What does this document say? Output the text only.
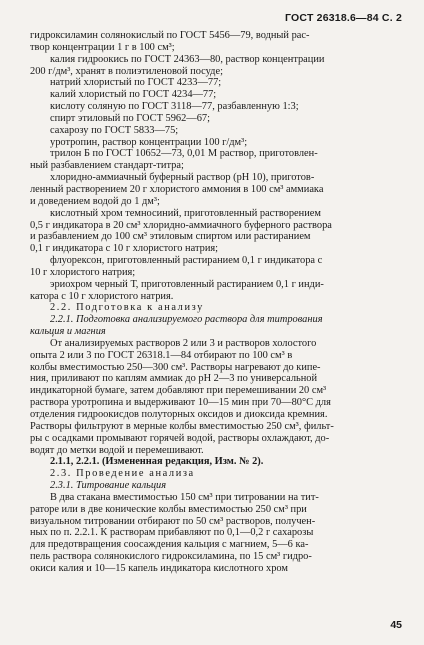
ГОСТ 26318.6—84 С. 2
гидроксиламин солянокислый по ГОСТ 5456—79, водный рас-
твор концентрации 1 г в 100 см³;
калия гидроокись по ГОСТ 24363—80, раствор концентрации
200 г/дм³, хранят в полиэтиленовой посуде;
натрий хлористый по ГОСТ 4233—77;
калий хлористый по ГОСТ 4234—77;
кислоту соляную по ГОСТ 3118—77, разбавленную 1:3;
спирт этиловый по ГОСТ 5962—67;
сахарозу по ГОСТ 5833—75;
уротропин, раствор концентрации 100 г/дм³;
трилон Б по ГОСТ 10652—73, 0,01 М раствор, приготовлен-
ный разбавлением стандарт-титра;
хлоридно-аммиачный буферный раствор (рН 10), приготов-
ленный растворением 20 г хлористого аммония в 100 см³ аммиака
и доведением водой до 1 дм³;
кислотный хром темносиний, приготовленный растворением
0,5 г индикатора в 20 см³ хлоридно-аммиачного буферного раствора
и разбавлением до 100 см³ этиловым спиртом или растиранием
0,1 г индикатора с 10 г хлористого натрия;
флуорексон, приготовленный растиранием 0,1 г индикатора с
10 г хлористого натрия;
эриохром черный Т, приготовленный растиранием 0,1 г инди-
катора с 10 г хлористого натрия.
2.2. Подготовка к анализу
2.2.1. Подготовка анализируемого раствора для титрования
кальция и магния
От анализируемых растворов 2 или 3 и растворов холостого
опыта 2 или 3 по ГОСТ 26318.1—84 отбирают по 100 см³ в
колбы вместимостью 250—300 см³. Растворы нагревают до кипе-
ния, приливают по каплям аммиак до рН 2—3 по универсальной
индикаторной бумаге, затем добавляют при перемешивании 20 см³
раствора уротропина и выдерживают 10—15 мин при 70—80°С для
отделения гидроокисдов полуторных оксидов и диоксида кремния.
Растворы фильтруют в мерные колбы вместимостью 250 см³, фильт-
ры с осадками промывают горячей водой, растворы охлаждают, до-
водят до метки водой и перемешивают.
2.1.1, 2.2.1. (Измененная редакция, Изм. № 2).
2.3. Проведение анализа
2.3.1. Титрование кальция
В два стакана вместимостью 150 см³ при титровании на тит-
раторе или в две конические колбы вместимостью 250 см³ при
визуальном титровании отбирают по 50 см³ растворов, получен-
ных по п. 2.2.1. К растворам прибавляют по 0,1—0,2 г сахарозы
для предотвращения соосаждения кальция с магнием, 5—6 ка-
пель раствора солянокислого гидроксиламина, по 15 см³ гидро-
окиси калия и 10—15 капель индикатора кислотного хром
45
